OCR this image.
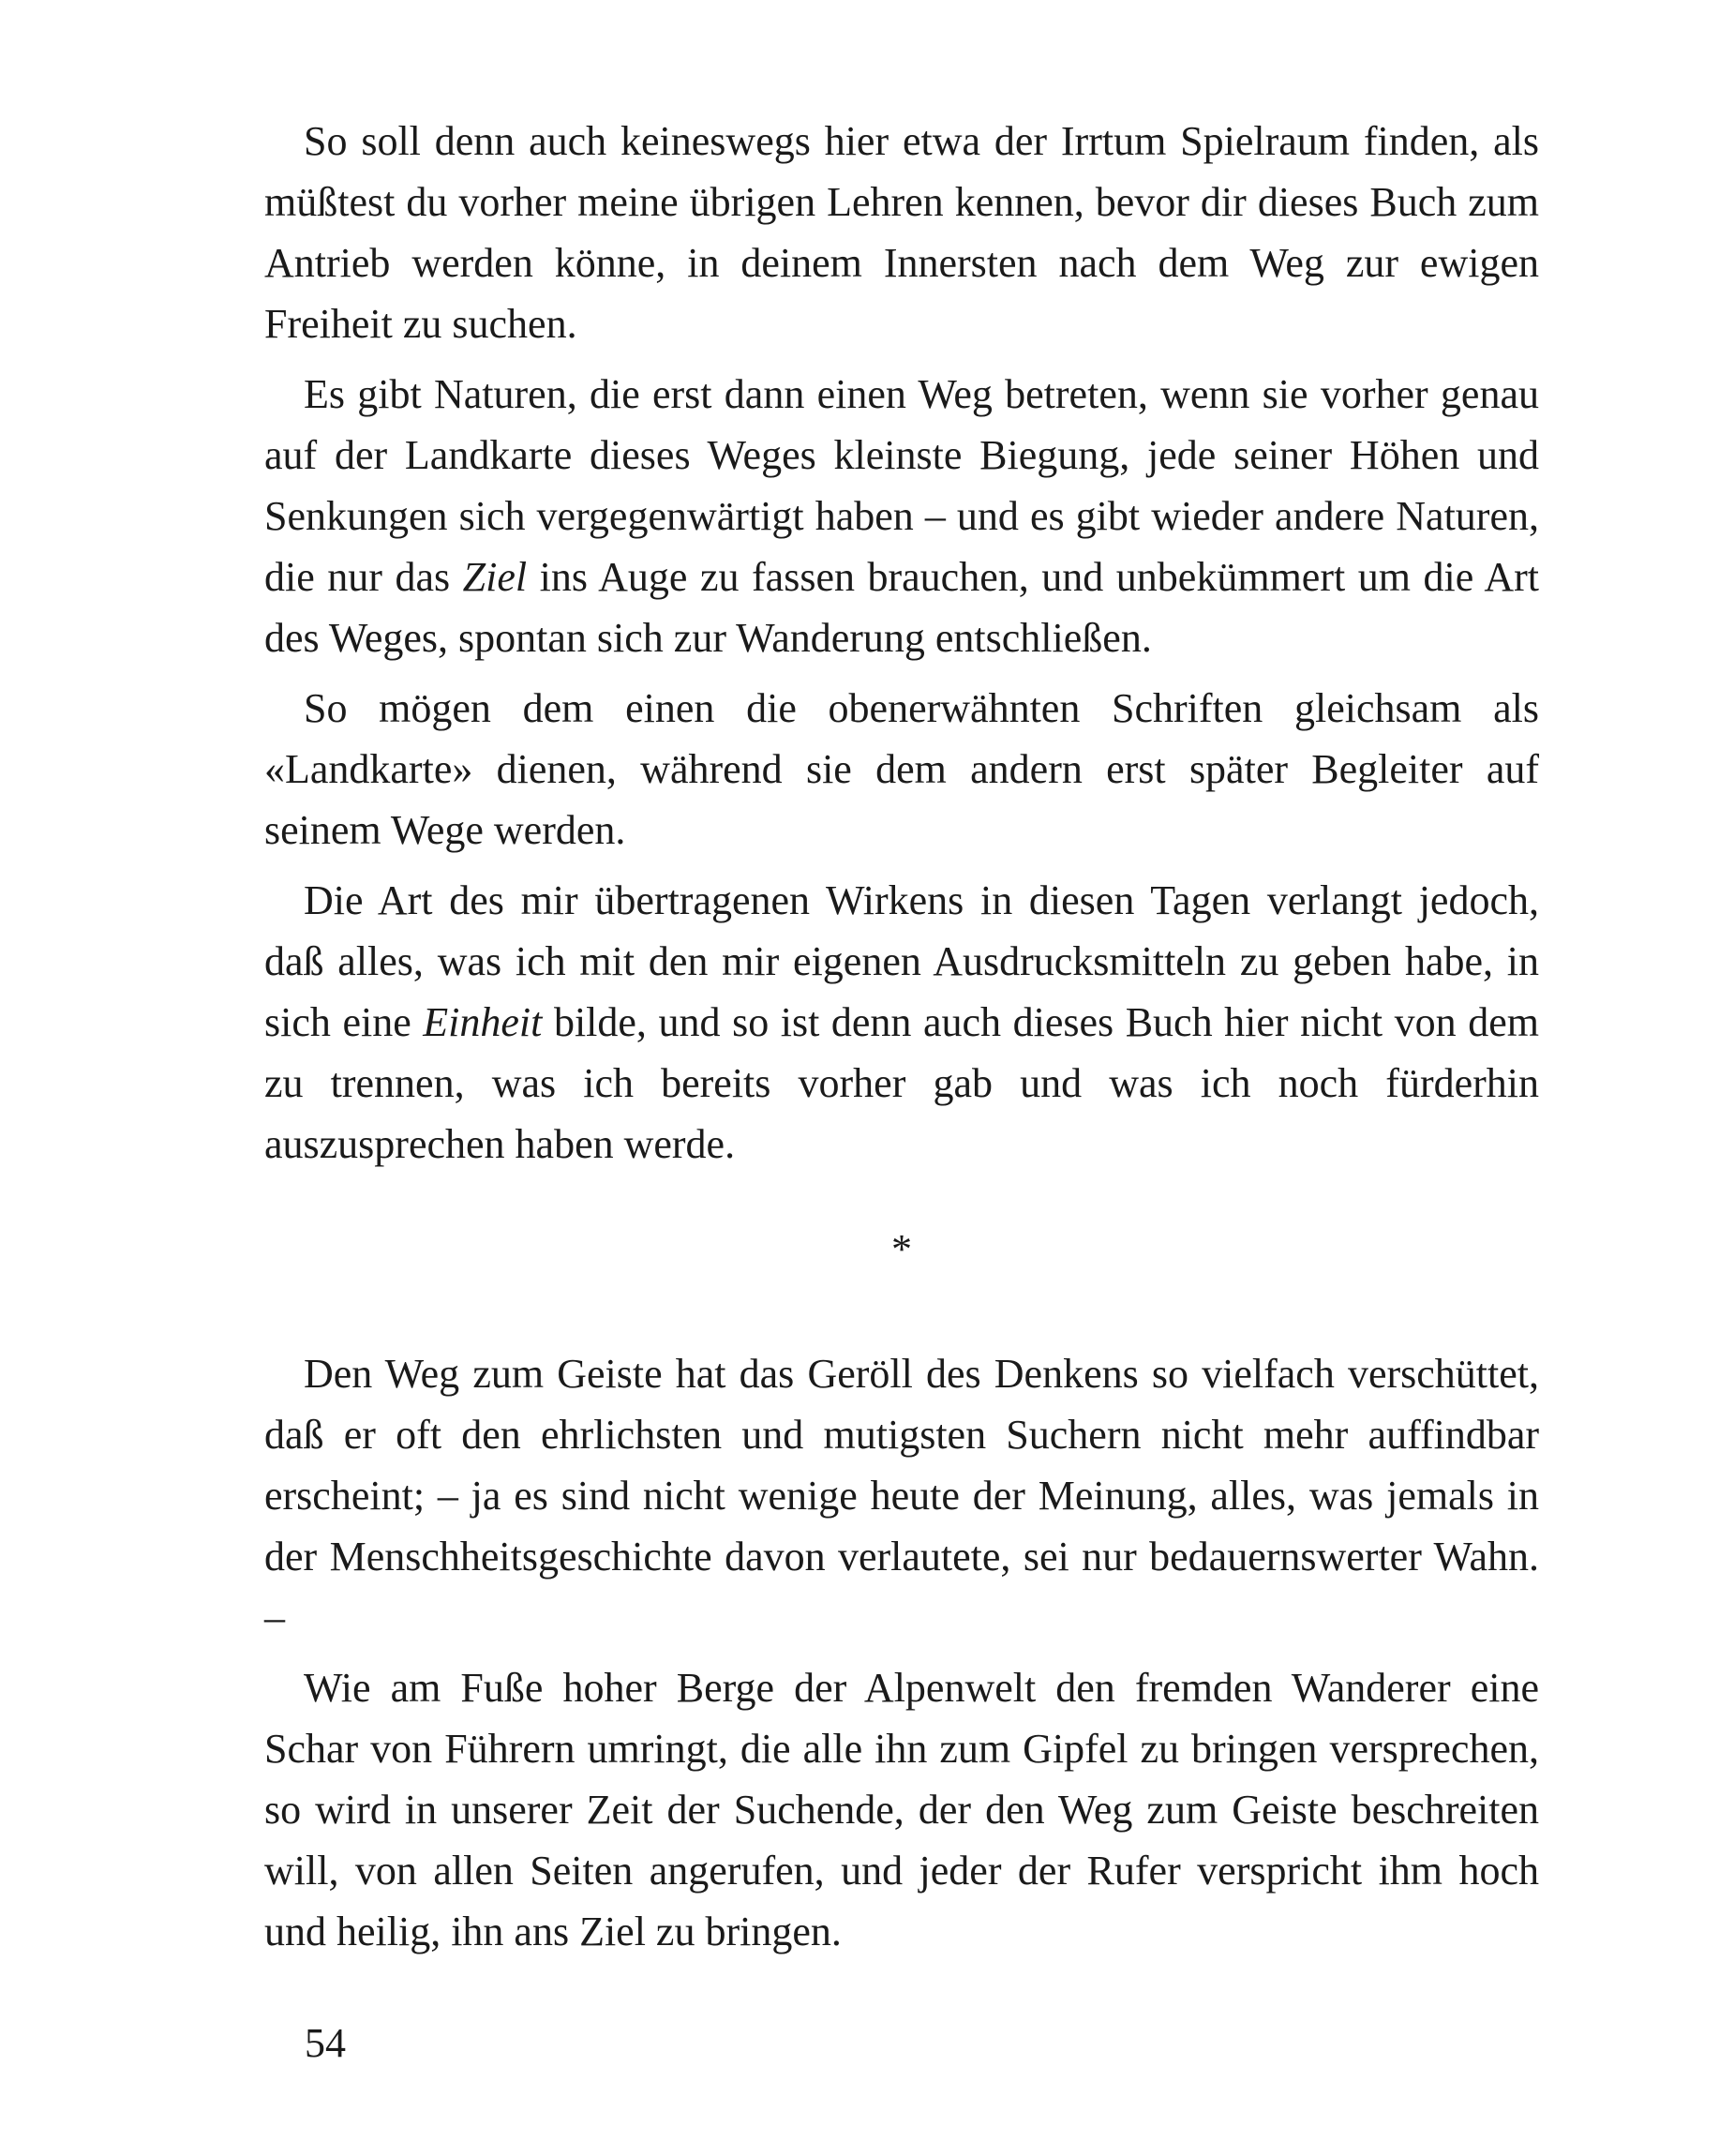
So soll denn auch keineswegs hier etwa der Irrtum Spielraum finden, als müßtest du vorher meine übrigen Lehren kennen, bevor dir dieses Buch zum Antrieb werden könne, in deinem Innersten nach dem Weg zur ewigen Freiheit zu suchen.

Es gibt Naturen, die erst dann einen Weg betreten, wenn sie vorher genau auf der Landkarte dieses Weges kleinste Biegung, jede seiner Höhen und Senkungen sich vergegenwärtigt haben – und es gibt wieder andere Naturen, die nur das Ziel ins Auge zu fassen brauchen, und unbekümmert um die Art des Weges, spontan sich zur Wanderung entschließen.

So mögen dem einen die obenerwähnten Schriften gleichsam als «Landkarte» dienen, während sie dem andern erst später Begleiter auf seinem Wege werden.

Die Art des mir übertragenen Wirkens in diesen Tagen verlangt jedoch, daß alles, was ich mit den mir eigenen Ausdrucksmitteln zu geben habe, in sich eine Einheit bilde, und so ist denn auch dieses Buch hier nicht von dem zu trennen, was ich bereits vorher gab und was ich noch fürderhin auszusprechen haben werde.

*

Den Weg zum Geiste hat das Geröll des Denkens so vielfach verschüttet, daß er oft den ehrlichsten und mutigsten Suchern nicht mehr auffindbar erscheint; – ja es sind nicht wenige heute der Meinung, alles, was jemals in der Menschheitsgeschichte davon verlautete, sei nur bedauernswerter Wahn. –

Wie am Fuße hoher Berge der Alpenwelt den fremden Wanderer eine Schar von Führern umringt, die alle ihn zum Gipfel zu bringen versprechen, so wird in unserer Zeit der Suchende, der den Weg zum Geiste beschreiten will, von allen Seiten angerufen, und jeder der Rufer verspricht ihm hoch und heilig, ihn ans Ziel zu bringen.

54
